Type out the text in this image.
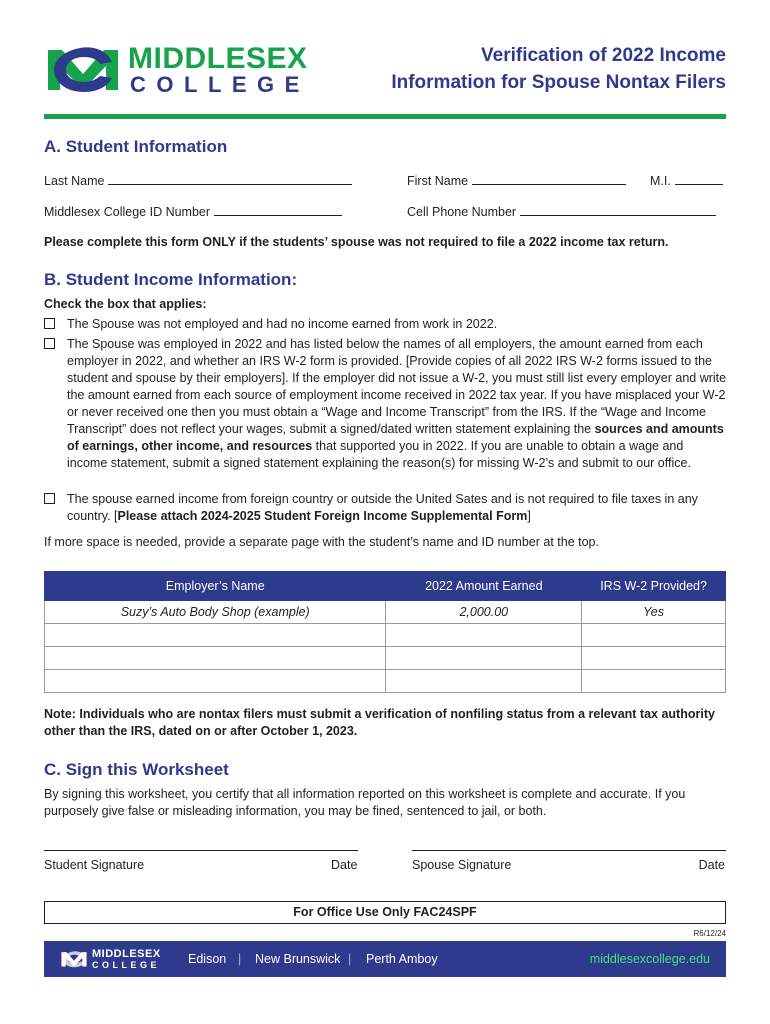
MIDDLESEX
COLLEGE
Verification of 2022 Income
Information for Spouse Nontax Filers
A. Student Information
Last Name	First Name	M.I.
Middlesex College ID Number	Cell Phone Number
Please complete this form ONLY if the students’ spouse was not required to file a 2022 income tax return.
B. Student Income Information:
Check the box that applies:
The Spouse was not employed and had no income earned from work in 2022.
The Spouse was employed in 2022 and has listed below the names of all employers, the amount earned from each employer in 2022, and whether an IRS W-2 form is provided. [Provide copies of all 2022 IRS W-2 forms issued to the student and spouse by their employers]. If the employer did not issue a W-2, you must still list every employer and write the amount earned from each source of employment income received in 2022 tax year. If you have misplaced your W-2 or never received one then you must obtain a “Wage and Income Transcript” from the IRS. If the “Wage and Income Transcript” does not reflect your wages, submit a signed/dated written statement explaining the sources and amounts of earnings, other income, and resources that supported you in 2022. If you are unable to obtain a wage and income statement, submit a signed statement explaining the reason(s) for missing W-2’s and submit to our office.
The spouse earned income from foreign country or outside the United Sates and is not required to file taxes in any country. [Please attach 2024-2025 Student Foreign Income Supplemental Form]
If more space is needed, provide a separate page with the student’s name and ID number at the top.
Employer’s Name	2022 Amount Earned	IRS W-2 Provided?
Suzy’s Auto Body Shop (example)	2,000.00	Yes

Note: Individuals who are nontax filers must submit a verification of nonfiling status from a relevant tax authority other than the IRS, dated on or after October 1, 2023.
C. Sign this Worksheet
By signing this worksheet, you certify that all information reported on this worksheet is complete and accurate. If you purposely give false or misleading information, you may be fined, sentenced to jail, or both.
Student Signature	Date	Spouse Signature	Date
For Office Use Only FAC24SPF
R6/12/24
MIDDLESEX
COLLEGE Edison | New Brunswick | Perth Amboy	middlesexcollege.edu
